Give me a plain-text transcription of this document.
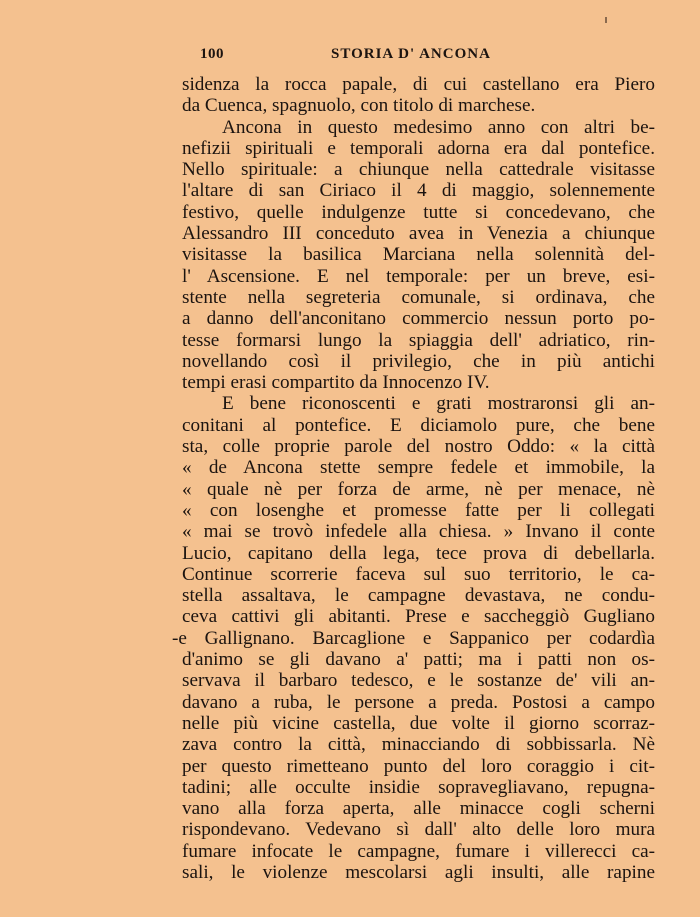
100	STORIA D' ANCONA
sidenza la rocca papale, di cui castellano era Piero
da Cuenca, spagnuolo, con titolo di marchese.
Ancona in questo medesimo anno con altri be-
nefizii spirituali e temporali adorna era dal pontefice.
Nello spirituale: a chiunque nella cattedrale visitasse
l'altare di san Ciriaco il 4 di maggio, solennemente
festivo, quelle indulgenze tutte si concedevano, che
Alessandro III conceduto avea in Venezia a chiunque
visitasse la basilica Marciana nella solennità del-
l' Ascensione. E nel temporale: per un breve, esi-
stente nella segreteria comunale, si ordinava, che
a danno dell'anconitano commercio nessun porto po-
tesse formarsi lungo la spiaggia dell' adriatico, rin-
novellando così il privilegio, che in più antichi
tempi erasi compartito da Innocenzo IV.
E bene riconoscenti e grati mostraronsi gli an-
conitani al pontefice. E diciamolo pure, che bene
sta, colle proprie parole del nostro Oddo: « la città
« de Ancona stette sempre fedele et immobile, la
« quale nè per forza de arme, nè per menace, nè
« con losenghe et promesse fatte per li collegati
« mai se trovò infedele alla chiesa. » Invano il conte
Lucio, capitano della lega, tece prova di debellarla.
Continue scorrerie faceva sul suo territorio, le ca-
stella assaltava, le campagne devastava, ne condu-
ceva cattivi gli abitanti. Prese e saccheggiò Gugliano
-e Gallignano. Barcaglione e Sappanico per codardìa
d'animo se gli davano a' patti; ma i patti non os-
servava il barbaro tedesco, e le sostanze de' vili an-
davano a ruba, le persone a preda. Postosi a campo
nelle più vicine castella, due volte il giorno scorraz-
zava contro la città, minacciando di sobbissarla. Nè
per questo rimetteano punto del loro coraggio i cit-
tadini; alle occulte insidie sopravegliavano, repugna-
vano alla forza aperta, alle minacce cogli scherni
rispondevano. Vedevano sì dall' alto delle loro mura
fumare infocate le campagne, fumare i villerecci ca-
sali, le violenze mescolarsi agli insulti, alle rapine
